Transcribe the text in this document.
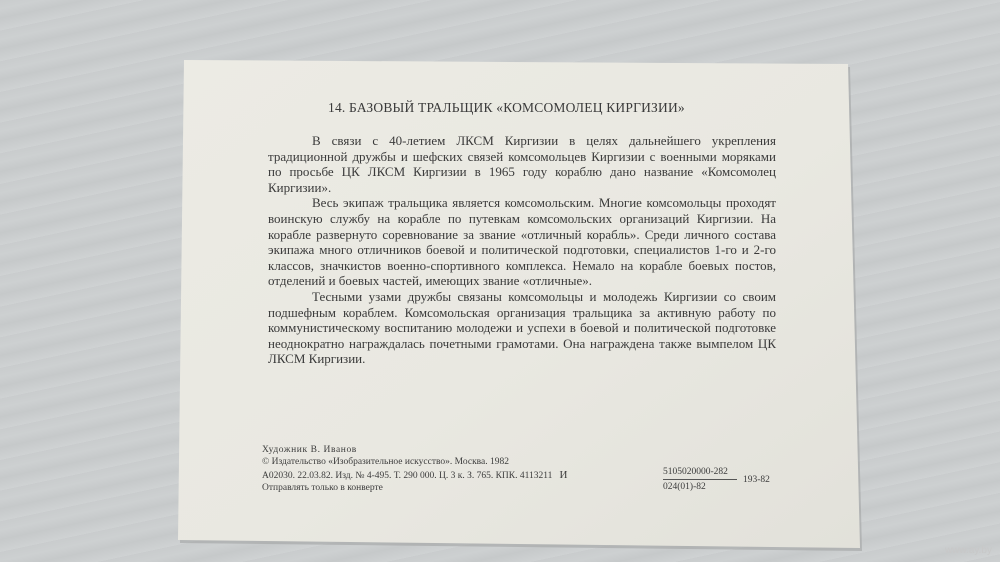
14. БАЗОВЫЙ ТРАЛЬЩИК «КОМСОМОЛЕЦ КИРГИЗИИ»

В связи с 40-летием ЛКСМ Киргизии в целях дальнейшего укрепления традиционной дружбы и шефских связей комсомольцев Киргизии с военными моряками по просьбе ЦК ЛКСМ Киргизии в 1965 году кораблю дано название «Комсомолец Киргизии».

Весь экипаж тральщика является комсомольским. Многие комсомольцы проходят воинскую службу на корабле по путевкам комсомольских организаций Киргизии. На корабле развернуто соревнование за звание «отличный корабль». Среди личного состава экипажа много отличников боевой и политической подготовки, специалистов 1-го и 2-го классов, значкистов военно-спортивного комплекса. Немало на корабле боевых постов, отделений и боевых частей, имеющих звание «отличные».

Тесными узами дружбы связаны комсомольцы и молодежь Киргизии со своим подшефным кораблем. Комсомольская организация тральщика за активную работу по коммунистическому воспитанию молодежи и успехи в боевой и политической подготовке неоднократно награждалась почетными грамотами. Она награждена также вымпелом ЦК ЛКСМ Киргизии.

Художник В. Иванов
© Издательство «Изобразительное искусство». Москва. 1982
А02030. 22.03.82. Изд. № 4-495. Т. 290 000. Ц. 3 к. З. 765. КПК. 4113211 И
Отправлять только в конверте
5105020000-282
024(01)-82
193-82
www.ay.by
